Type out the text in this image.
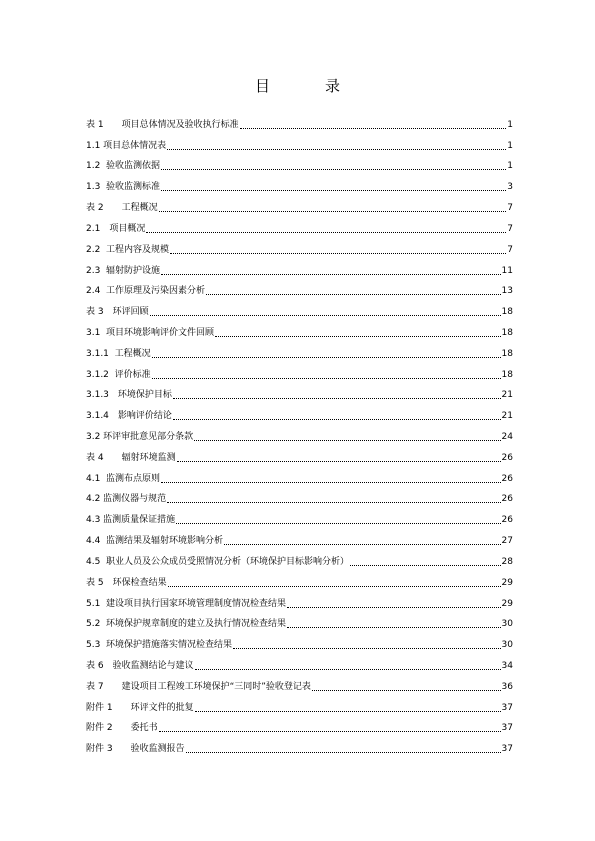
目　录
表 1　　项目总体情况及验收执行标准	1
1.1 项目总体情况表	1
1.2  验收监测依据	1
1.3  验收监测标准	3
表 2　　工程概况	7
2.1　项目概况	7
2.2  工程内容及规模	7
2.3  辐射防护设施	11
2.4  工作原理及污染因素分析	13
表 3　环评回顾	18
3.1  项目环境影响评价文件回顾	18
3.1.1  工程概况	18
3.1.2  评价标准	18
3.1.3　环境保护目标	21
3.1.4　影响评价结论	21
3.2 环评审批意见部分条款	24
表 4　　辐射环境监测	26
4.1  监测布点原则	26
4.2 监测仪器与规范	26
4.3 监测质量保证措施	26
4.4  监测结果及辐射环境影响分析	27
4.5  职业人员及公众成员受照情况分析（环境保护目标影响分析）	28
表 5　环保检查结果	29
5.1  建设项目执行国家环境管理制度情况检查结果	29
5.2  环境保护规章制度的建立及执行情况检查结果	30
5.3  环境保护措施落实情况检查结果	30
表 6　验收监测结论与建议	34
表 7　　建设项目工程竣工环境保护“三同时”验收登记表	36
附件 1　　环评文件的批复	37
附件 2　　委托书	37
附件 3　　验收监测报告	37
